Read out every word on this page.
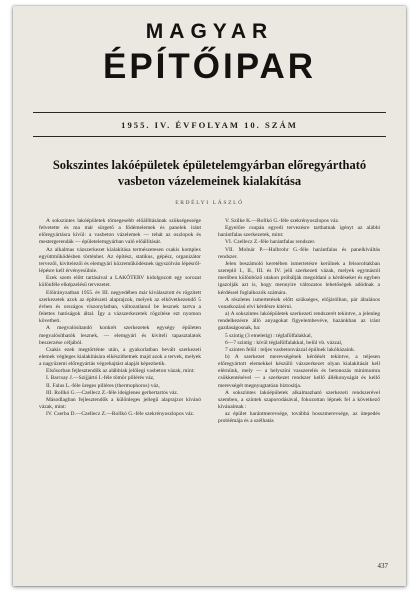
MAGYAR
ÉPÍTŐIPAR
1955. IV. ÉVFOLYAM 10. SZÁM
Sokszintes lakóépületek épületelemgyárban előregyártható vasbeton vázelemeinek kialakítása
ERDÉLYI LÁSZLÓ

A sokszintes lakóépületek tömegesebb előállításának szükségessége felvetette és ma már sürgető a födémelemek és panelek iránt előregyártásra kívül: a vasbeton vázelemek — tehát az oszlopok és mestergerendák — épületelemgyárban való előállítását.

Az alkalmas vázszerkezet kialakítása természetesen csakis komplex együttműködésben történhet. Az építész, statikus, gépész, organizátor tervezői, kivitelezői és elemgyári közreműködésnek úgyszólván lépésről-lépésre kell érvényesülnie.

Ezek szem előtt tartásával a LAKÓTERV kidolgozott egy sorozat különféle elképzelésű tervezetet.

Előirányzatban 1955. év III. negyedében már kiválasztott és rögzített szerkezetek azok az építészeti alaprajzok, melyek az elkövetkezendő 5 évben és országos viszonylatban, változatlanul be lesznek tartva a felettes hatóságok által. Így a vázszerkezetek rögzítése ezt nyomon követheti.

A megvalósítandó konkrét szerkezetek egységy épületen megvalósíthatók lesznek, — elemgyári és kiviteli tapasztalatok beszerzése céljából.

Csakis ezek megtörténte után, a gyakorlatban bevált szerkezeti elemek végleges kialakítására elkészíthetnek majd azok a tervek, melyek a nagyüzemi előregyártás végrehajtást alapját képezhetik.

Elsősorban fejlesztendők az alábbiak jelölegi vasbeton vázak, mint:

I. Barcsay J.—Szijjártó I.-féle tömör pillérés váz,

II. Falus L.-féle üreges pilléres (thermophoros) váz,

III. Rollkó G.—Czellecz Z.-féle ideiglenes gerbertartós váz.

Másodlagban fejlesztendők a különleges jellegű alaprajzot kívánó vázak, mint:

IV. Cserba D.—Czellecz Z.—Rollkó G.-féle szekrényoszlopos váz.

V. Szilke K.—Rollkó G.-féle szekrényoszlopos váz.

Egyelőre csupán egyedi tervezésre tarthatnak igényt az alábbi harántfalas szerkezetek, mint:

VI. Czellecz Z.-féle harántfalas rendszer.

VII. Molnár P.—Halbrohr G.-féle harántfalas és panelkiváltás rendszer.

Jelen beszámoló keretében ismertetésre kerülnek a felsoroltakban szereplő I., II., III. és IV. jelű szerkezeti vázak, melyek egymástól merőben különböző utakon próbálják megoldani a kérdéseket és egyben igazolják azt is, hogy mennyire változatos lehetőségek adódnak a kérdéssel foglalkozók számára.

A részletes ismertetések előtt szükséges, előjárólban, pár általános vonatkozású elvi kérdésre kitérni.

a) A sokszintes lakóépületek szerkezeti rendszerét tekintve, a jelenleg rendelkezésre álló anyagokat figyelembevéve, hazánkban az iránt gazdaságosnak, ha:

5 szintig (3 emeletig) : téglafölfalakkal,

6—7 szintig : kívül téglafölfalakkal, belül vb. vázzal,

7 szinten felül : teljes vasbetonvázzal épülnek lakóházaink.

b) A szerkezet merevségének kérdését tekintve, a teljesen előregyártott elemekkel készülő vázszerkezet olyan kialakítását kell elérnünk, mely — a helyszíni vasszerelés és betonozás minimumra csökkentésével — a szerkezet rendszer kellő állékonyságát és kellő merevségét megnyugtatóan biztosítja.

A sokszintes lakóépületek alkalmazható szerkezeti rendszerével szemben, a szintek szaporodásával, fokozottan lépnek fel a következő kívánalmak :

az épület harántmerevsége, továbbá hosszmerevsége, az ütepedés problémája és a szélhatás

437
